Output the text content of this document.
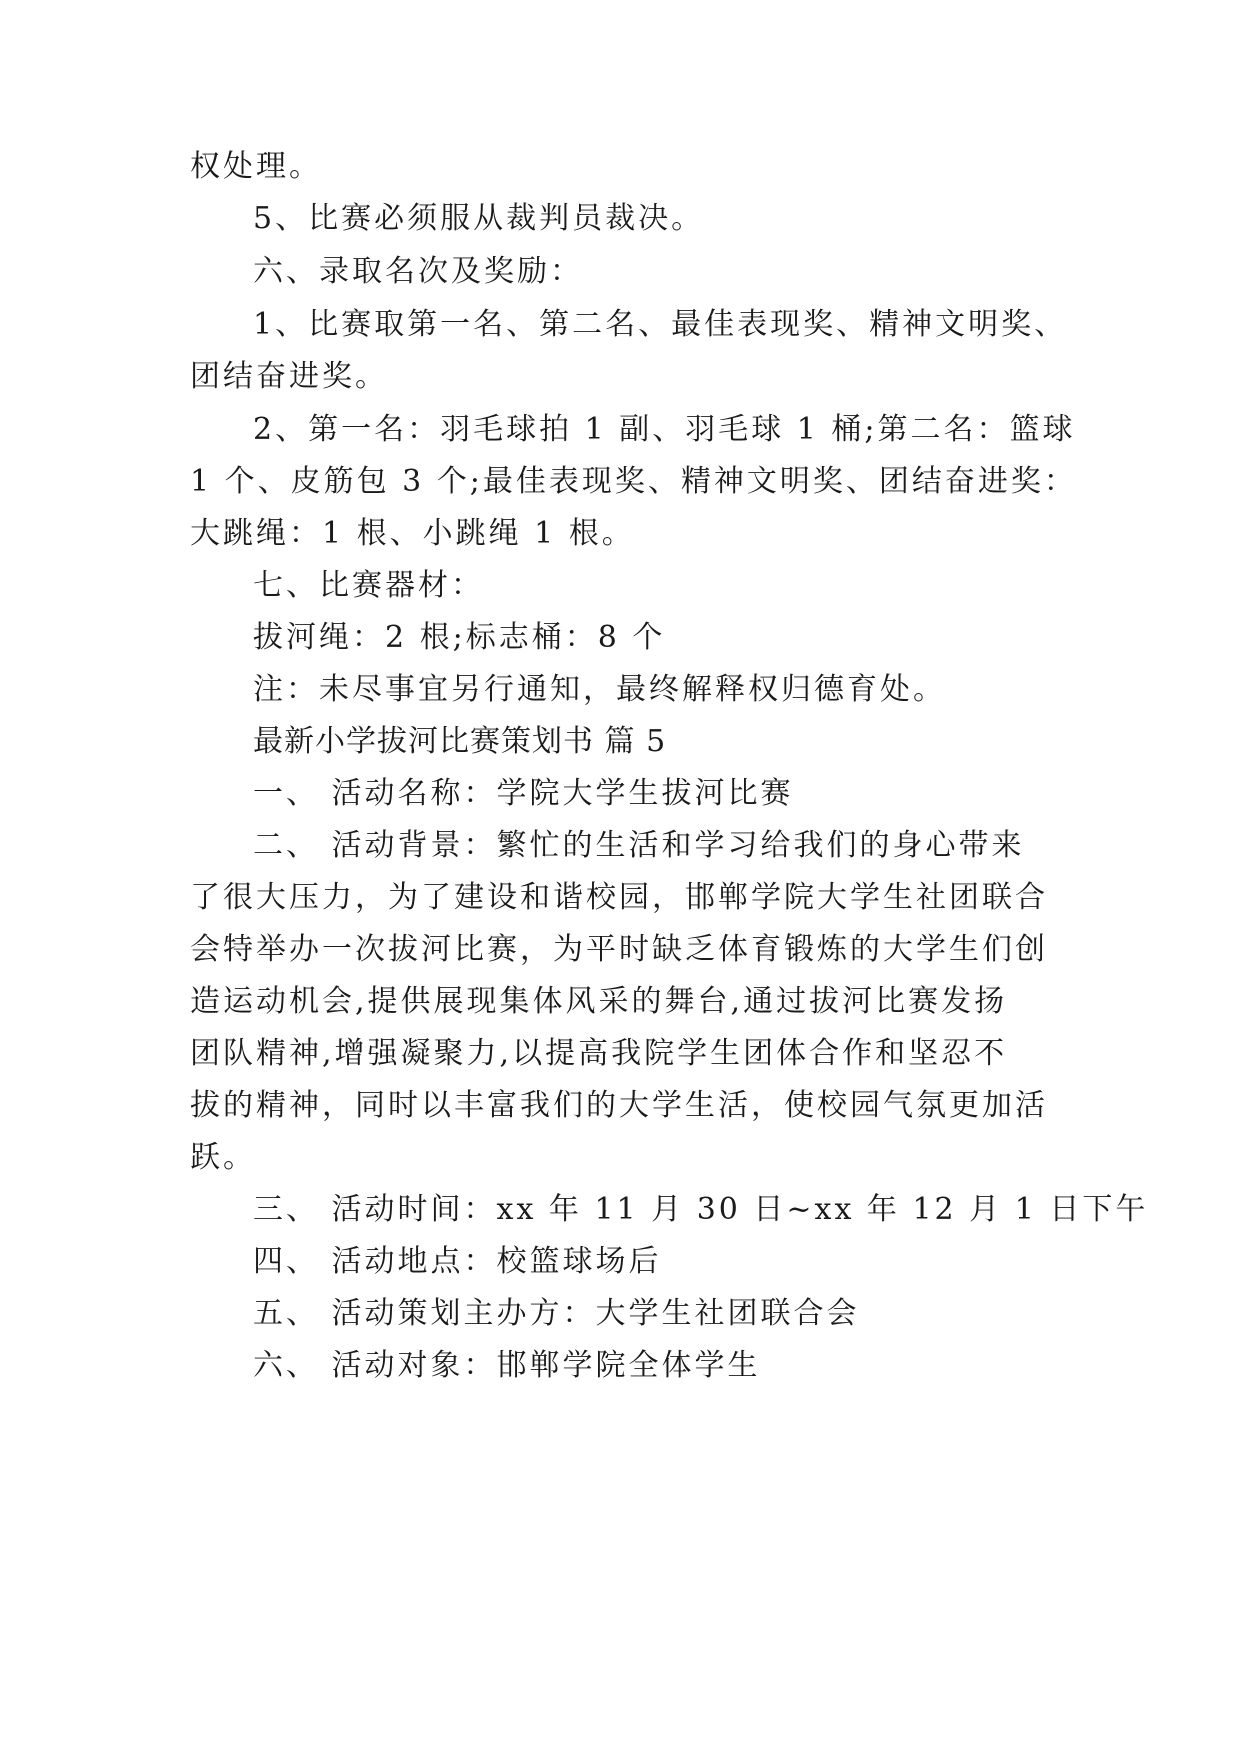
权处理。
5、比赛必须服从裁判员裁决。
六、录取名次及奖励：
1、比赛取第一名、第二名、最佳表现奖、精神文明奖、
团结奋进奖。
2、第一名：羽毛球拍 1 副、羽毛球 1 桶;第二名：篮球
1 个、皮筋包 3 个;最佳表现奖、精神文明奖、团结奋进奖：
大跳绳：1 根、小跳绳 1 根。
七、比赛器材：
拔河绳：2 根;标志桶：8 个
注：未尽事宜另行通知，最终解释权归德育处。
最新小学拔河比赛策划书 篇 5
一、 活动名称：学院大学生拔河比赛
二、 活动背景：繁忙的生活和学习给我们的身心带来
了很大压力，为了建设和谐校园，邯郸学院大学生社团联合
会特举办一次拔河比赛，为平时缺乏体育锻炼的大学生们创
造运动机会,提供展现集体风采的舞台,通过拔河比赛发扬
团队精神,增强凝聚力,以提高我院学生团体合作和坚忍不
拔的精神，同时以丰富我们的大学生活，使校园气氛更加活
跃。
三、 活动时间：xx 年 11 月 30 日~xx 年 12 月 1 日下午
四、 活动地点：校篮球场后
五、 活动策划主办方：大学生社团联合会
六、 活动对象：邯郸学院全体学生
